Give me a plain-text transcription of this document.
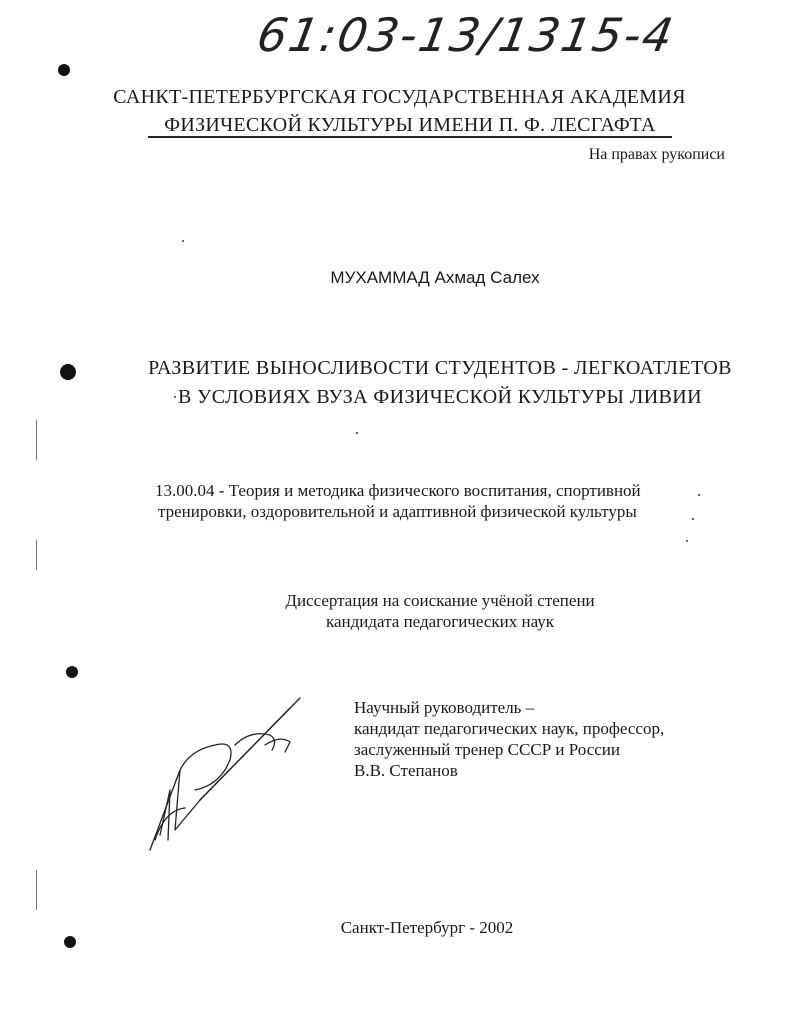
61:03-13/1315-4
САНКТ-ПЕТЕРБУРГСКАЯ ГОСУДАРСТВЕННАЯ АКАДЕМИЯ
ФИЗИЧЕСКОЙ КУЛЬТУРЫ ИМЕНИ П. Ф. ЛЕСГАФТА
На правах рукописи
МУХАММАД Ахмад Салех
РАЗВИТИЕ ВЫНОСЛИВОСТИ СТУДЕНТОВ - ЛЕГКОАТЛЕТОВ
В УСЛОВИЯХ ВУЗА ФИЗИЧЕСКОЙ КУЛЬТУРЫ ЛИВИИ
13.00.04 - Теория и методика физического воспитания, спортивной
тренировки, оздоровительной и адаптивной физической культуры
Диссертация на соискание учёной степени
кандидата педагогических наук
Научный руководитель –
кандидат педагогических наук, профессор,
заслуженный тренер СССР и России
В.В. Степанов
Санкт-Петербург - 2002
